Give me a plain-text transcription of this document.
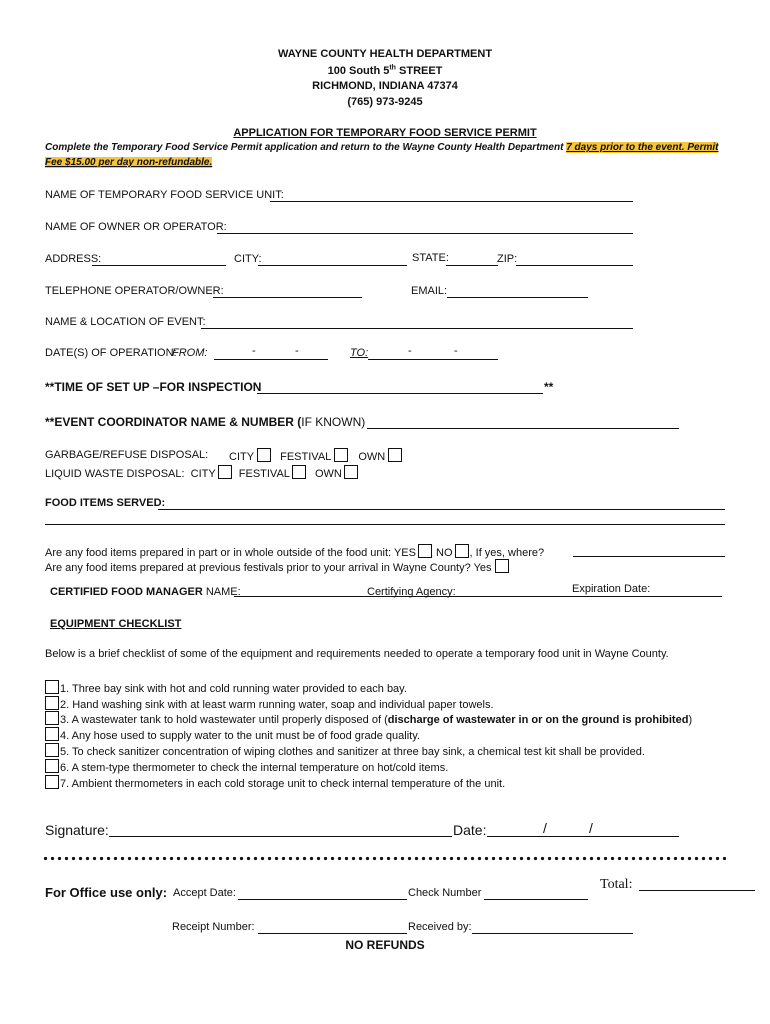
WAYNE COUNTY HEALTH DEPARTMENT
100 South 5th STREET
RICHMOND, INDIANA 47374
(765) 973-9245
APPLICATION FOR TEMPORARY FOOD SERVICE PERMIT
Complete the Temporary Food Service Permit application and return to the Wayne County Health Department 7 days prior to the event. Permit
Fee $15.00 per day non-refundable.
NAME OF TEMPORARY FOOD SERVICE UNIT:
NAME OF OWNER OR OPERATOR:
ADDRESS:	CITY:	STATE:	ZIP:
TELEPHONE OPERATOR/OWNER:	EMAIL:
NAME & LOCATION OF EVENT:
DATE(S) OF OPERATION:
FROM:	-	-	TO:	-	-
**TIME OF SET UP –FOR INSPECTION	**
**EVENT COORDINATOR NAME & NUMBER (IF KNOWN)
GARBAGE/REFUSE DISPOSAL: CITY FESTIVAL OWN
LIQUID WASTE DISPOSAL: CITY FESTIVAL OWN
FOOD ITEMS SERVED:
Are any food items prepared in part or in whole outside of the food unit: YES NO , If yes, where?
Are any food items prepared at previous festivals prior to your arrival in Wayne County? Yes
CERTIFIED FOOD MANAGER NAME:	Certifying Agency:	Expiration Date:
EQUIPMENT CHECKLIST
Below is a brief checklist of some of the equipment and requirements needed to operate a temporary food unit in Wayne County.
1. Three bay sink with hot and cold running water provided to each bay.
2. Hand washing sink with at least warm running water, soap and individual paper towels.
3. A wastewater tank to hold wastewater until properly disposed of (discharge of wastewater in or on the ground is prohibited)
4. Any hose used to supply water to the unit must be of food grade quality.
5. To check sanitizer concentration of wiping clothes and sanitizer at three bay sink, a chemical test kit shall be provided.
6. A stem-type thermometer to check the internal temperature on hot/cold items.
7. Ambient thermometers in each cold storage unit to check internal temperature of the unit.
Signature:	Date:	/	/
For Office use only: Accept Date:	Check Number
Total:
Receipt Number:	Received by:
NO REFUNDS
